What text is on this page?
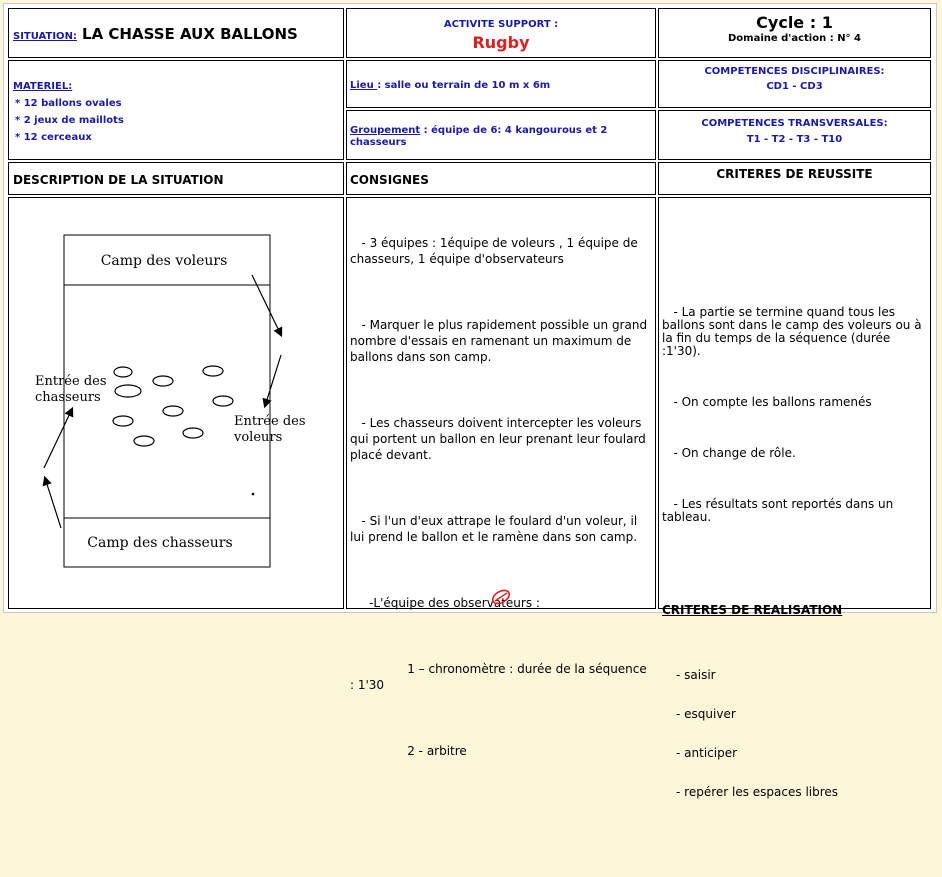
SITUATION: LA CHASSE AUX BALLONS
ACTIVITE SUPPORT :
Rugby
Cycle : 1
Domaine d'action : N° 4
MATERIEL:
* 12 ballons ovales
* 2 jeux de maillots
* 12 cerceaux
Lieu : salle ou terrain de 10 m x 6m
Groupement : équipe de 6: 4 kangourous et 2 chasseurs
COMPETENCES DISCIPLINAIRES:
CD1 - CD3
COMPETENCES TRANSVERSALES:
T1 - T2 - T3 - T10
DESCRIPTION DE LA SITUATION	CONSIGNES	CRITERES DE REUSSITE
Camp des voleurs
Camp des chasseurs
Entrée des
chasseurs
Entrée des
voleurs

- 3 équipes : 1équipe de voleurs , 1 équipe de chasseurs, 1 équipe d'observateurs

- Marquer le plus rapidement possible un grand nombre d'essais en ramenant un maximum de ballons dans son camp.

- Les chasseurs doivent intercepter les voleurs qui portent un ballon en leur prenant leur foulard placé devant.

- Si l'un d'eux attrape le foulard d'un voleur, il lui prend le ballon et le ramène dans son camp.

-L'équipe des observateurs :

1 – chronomètre : durée de la séquence : 1'30

2 - arbitre

- La partie se termine quand tous les ballons sont dans le camp des voleurs ou à la fin du temps de la séquence (durée  :1'30).

- On compte les ballons ramenés

- On change de rôle.

- Les résultats sont reportés dans un tableau.

CRITERES DE REALISATION

- saisir

- esquiver

- anticiper

- repérer les espaces libres
